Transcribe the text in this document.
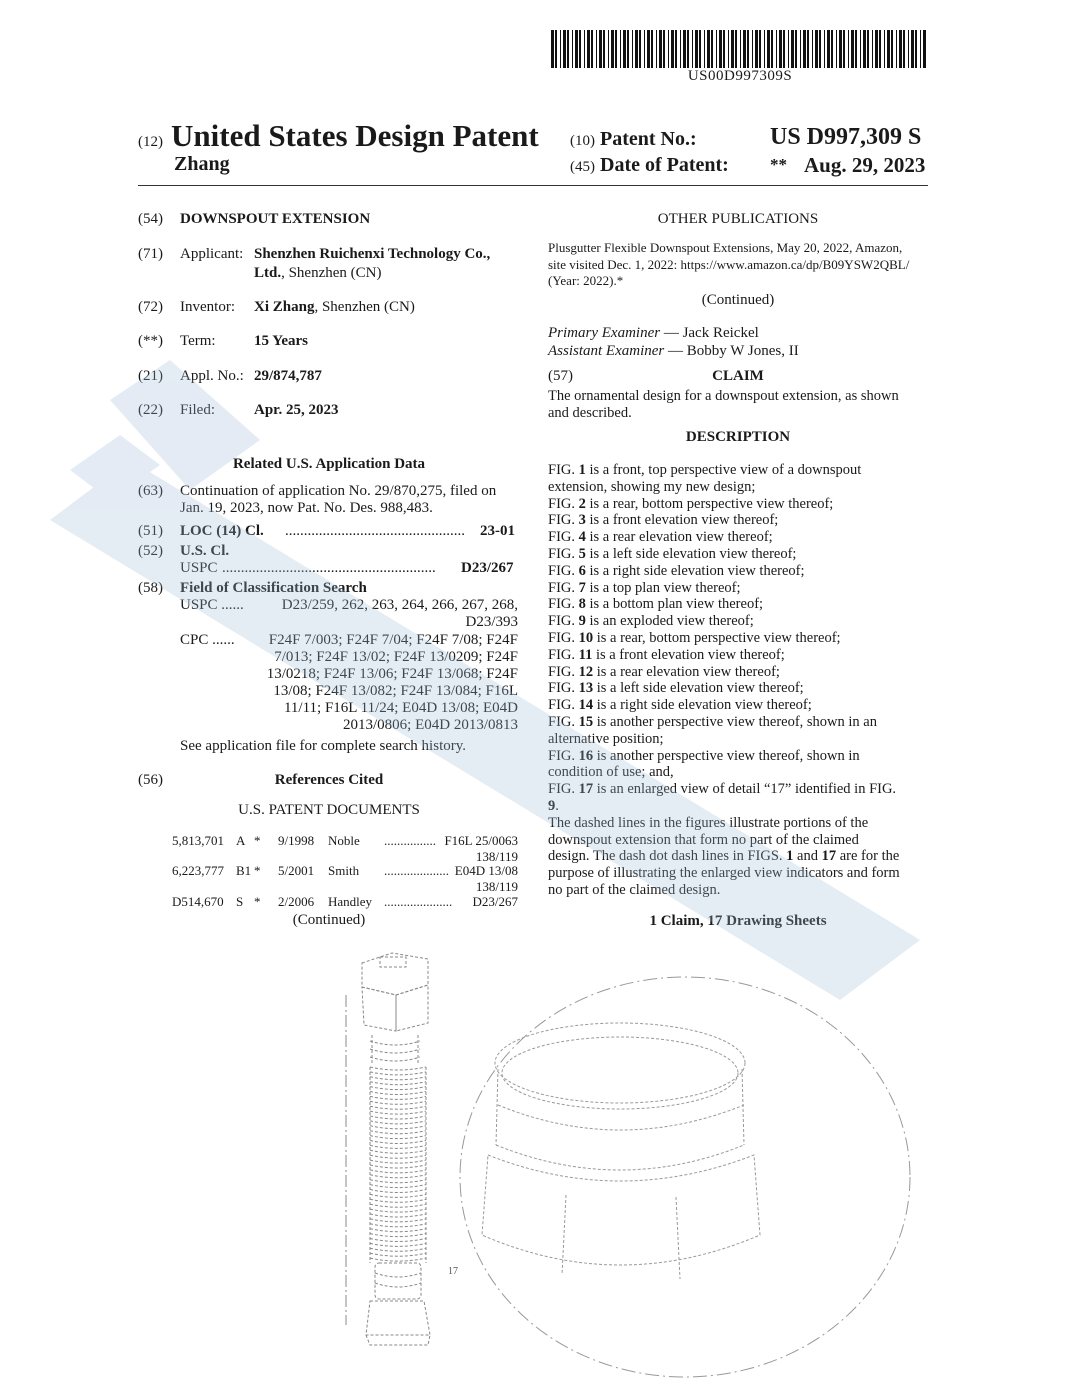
US00D997309S
(12) United States Design Patent
Zhang
(10) Patent No.:	US D997,309 S
(45) Date of Patent: ** Aug. 29, 2023
(54) DOWNSPOUT EXTENSION
(71) Applicant: Shenzhen Ruichenxi Technology Co.,
Ltd., Shenzhen (CN)
(72) Inventor: Xi Zhang, Shenzhen (CN)
(**) Term:	15 Years
(21) Appl. No.: 29/874,787
(22) Filed:	Apr. 25, 2023
Related U.S. Application Data
(63) Continuation of application No. 29/870,275, filed on
Jan. 19, 2023, now Pat. No. Des. 988,483.
(51) LOC (14) Cl. ................................................	23-01
(52) U.S. Cl.
USPC .........................................................	D23/267
(58) Field of Classification Search
USPC ......	D23/259, 262, 263, 264, 266, 267, 268,
D23/393
CPC ......	F24F 7/003; F24F 7/04; F24F 7/08; F24F
7/013; F24F 13/02; F24F 13/0209; F24F
13/0218; F24F 13/06; F24F 13/068; F24F
13/08; F24F 13/082; F24F 13/084; F16L
11/11; F16L 11/24; E04D 13/08; E04D
2013/0806; E04D 2013/0813
See application file for complete search history.
(56)	References Cited
U.S. PATENT DOCUMENTS
5,813,701 A * 9/1998 Noble ................ F16L 25/0063
138/119
6,223,777 B1 * 5/2001 Smith .................... E04D 13/08
138/119
D514,670 S * 2/2006 Handley .....................	D23/267
(Continued)
OTHER PUBLICATIONS
Plusgutter Flexible Downspout Extensions, May 20, 2022, Amazon,
site visited Dec. 1, 2022: https://www.amazon.ca/dp/B09YSW2QBL/
(Year: 2022).*
(Continued)
Primary Examiner — Jack Reickel
Assistant Examiner — Bobby W Jones, II
(57)	CLAIM
The ornamental design for a downspout extension, as shown
and described.
DESCRIPTION
FIG. 1 is a front, top perspective view of a downspout
extension, showing my new design;
FIG. 2 is a rear, bottom perspective view thereof;
FIG. 3 is a front elevation view thereof;
FIG. 4 is a rear elevation view thereof;
FIG. 5 is a left side elevation view thereof;
FIG. 6 is a right side elevation view thereof;
FIG. 7 is a top plan view thereof;
FIG. 8 is a bottom plan view thereof;
FIG. 9 is an exploded view thereof;
FIG. 10 is a rear, bottom perspective view thereof;
FIG. 11 is a front elevation view thereof;
FIG. 12 is a rear elevation view thereof;
FIG. 13 is a left side elevation view thereof;
FIG. 14 is a right side elevation view thereof;
FIG. 15 is another perspective view thereof, shown in an
alternative position;
FIG. 16 is another perspective view thereof, shown in
condition of use; and,
FIG. 17 is an enlarged view of detail “17” identified in FIG.
9.
The dashed lines in the figures illustrate portions of the
downspout extension that form no part of the claimed
design. The dash dot dash lines in FIGS. 1 and 17 are for the
purpose of illustrating the enlarged view indicators and form
no part of the claimed design.
1 Claim, 17 Drawing Sheets
17
